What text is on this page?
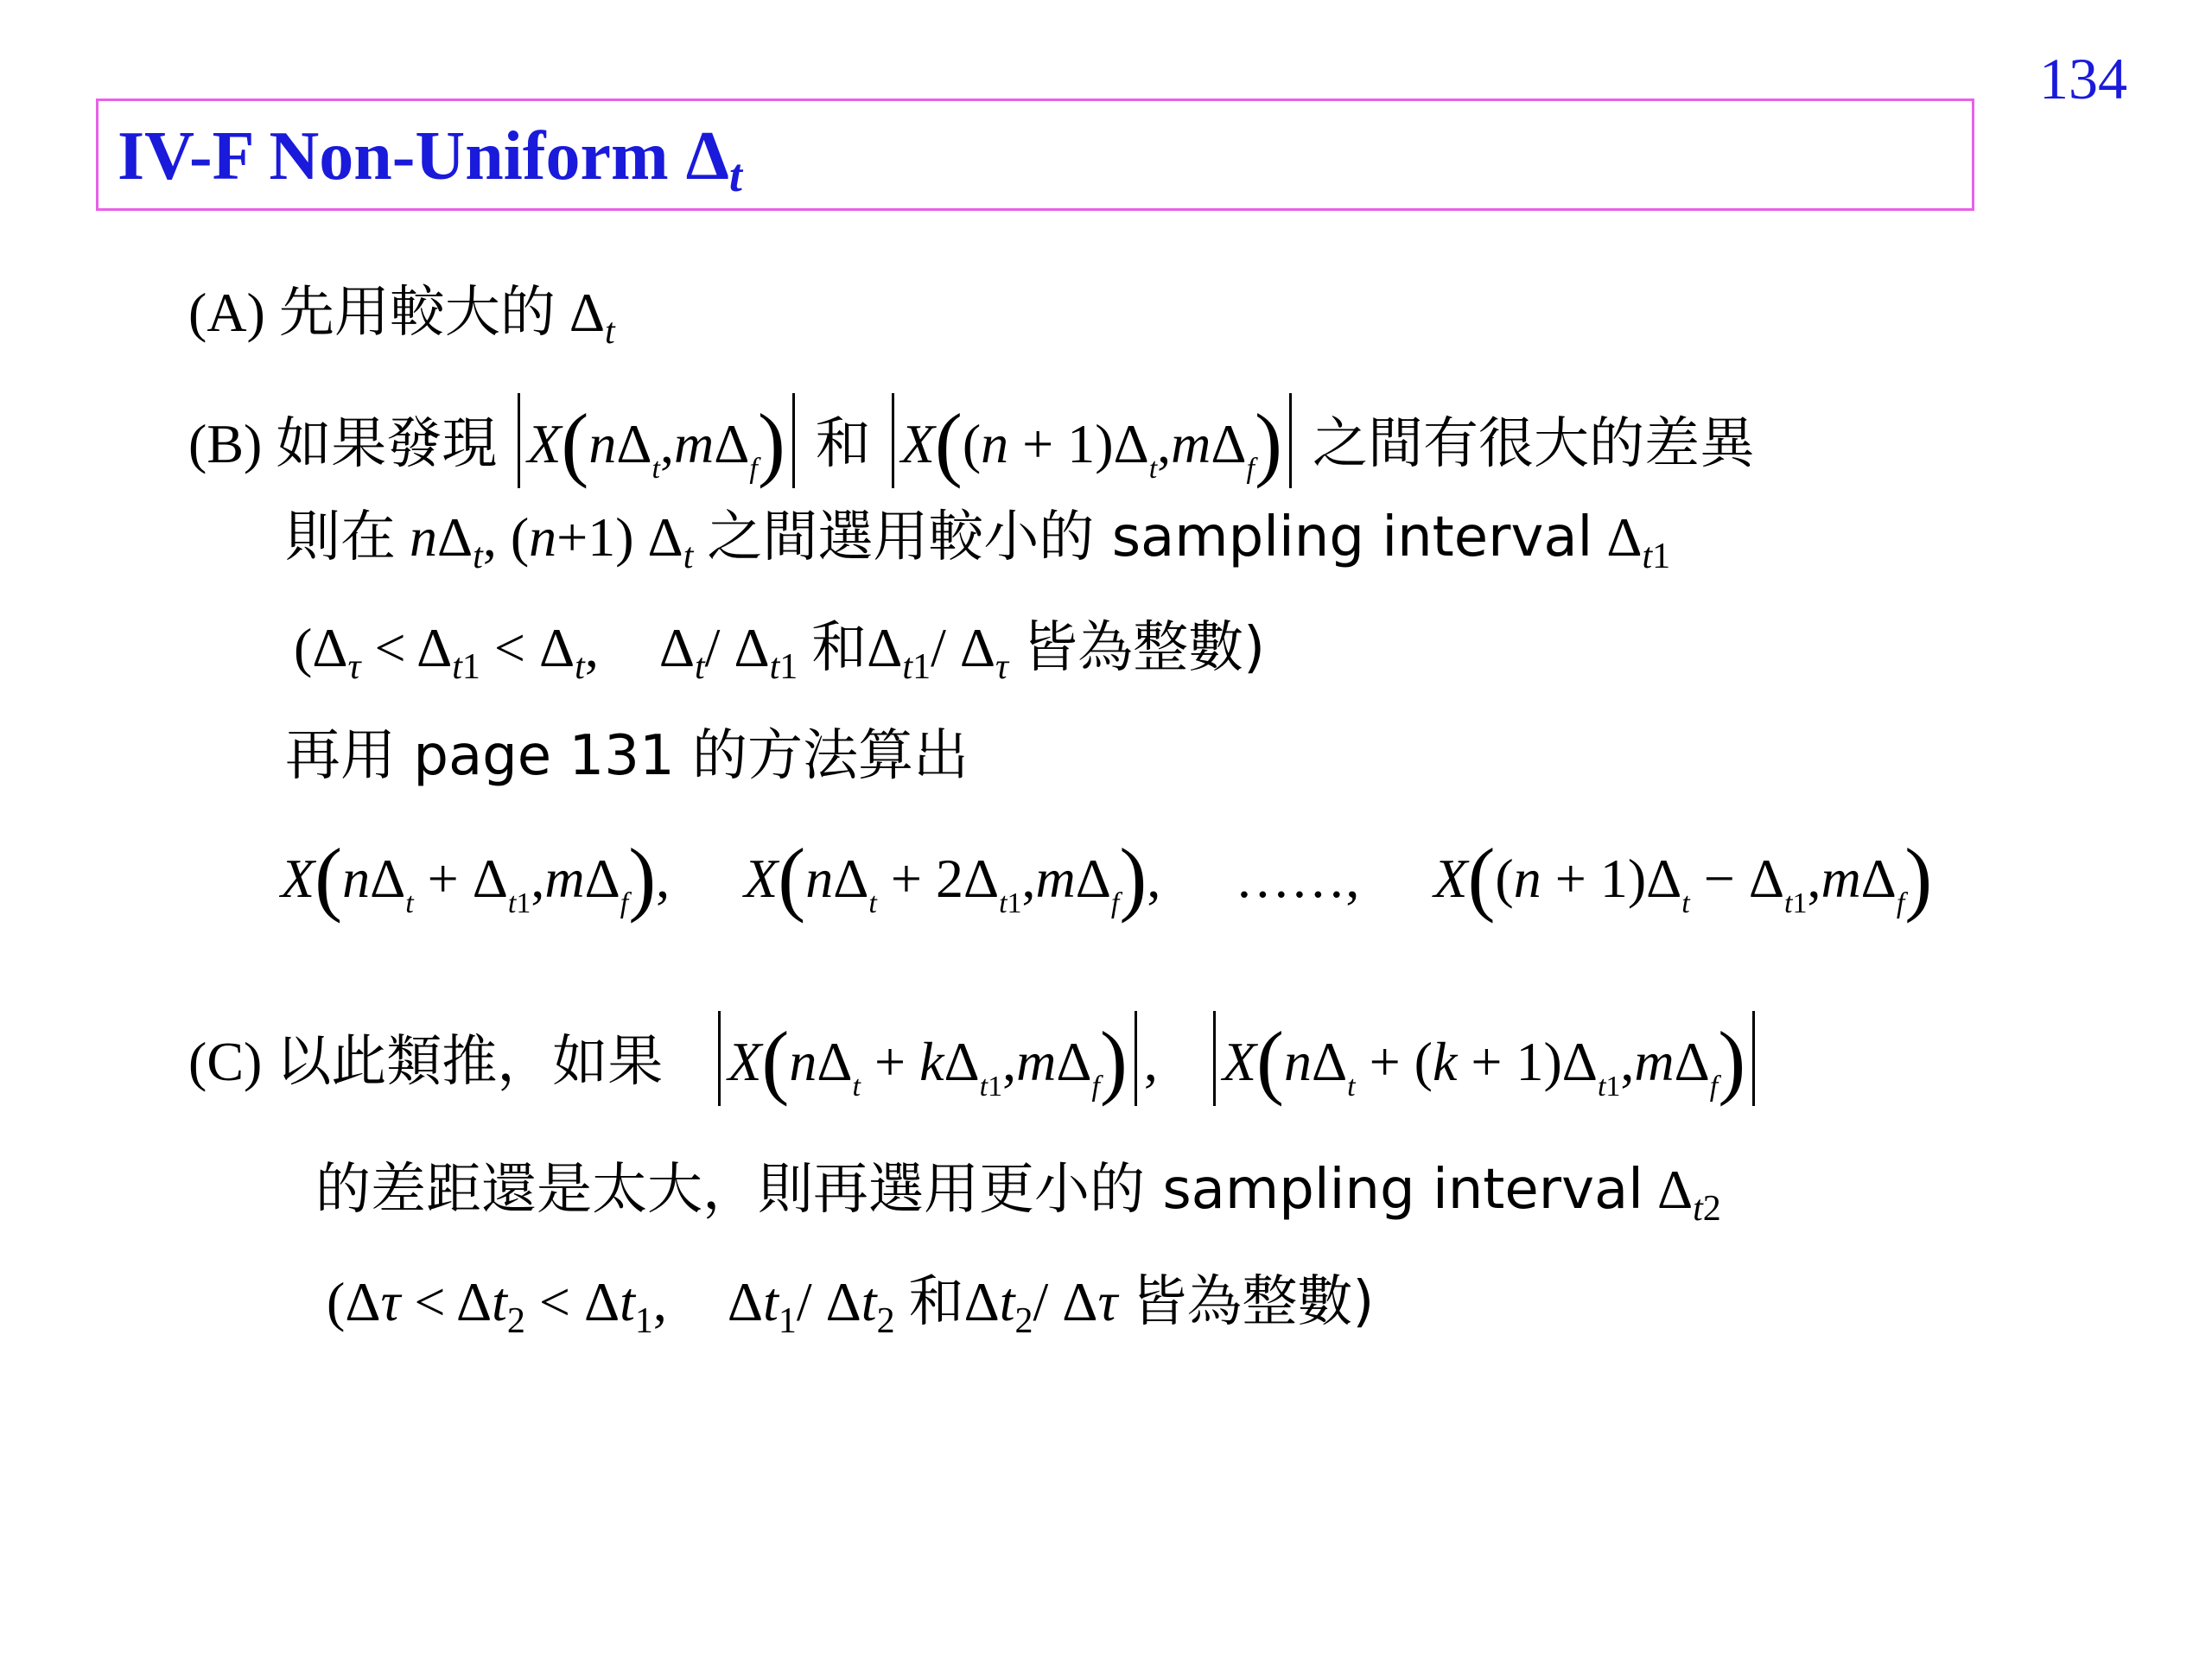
134
IV-F Non-Uniform $\Delta_t$
(A) 先用較大的 $\Delta_t$
(B) 如果發現 $X(n\Delta_t,m\Delta_f)$ 和 $X((n + 1)\Delta_t,m\Delta_f)$ 之間有很大的差異
則在 $n\Delta_t$, (n+1) $\Delta_t$ 之間選用較小的 sampling interval $\Delta_{t1}$
($\Delta_\tau < \Delta_{t1} < \Delta_t$, $\Delta_t/$ $\Delta_{t1}$ 和$\Delta_{t1}/$ $\Delta_\tau$ 皆為整數)
再用 page 131 的方法算出
$X(n\Delta_t + \Delta_{t1},m\Delta_f)$, $X(n\Delta_t + 2\Delta_{t1},m\Delta_f)$, ……, $X((n + 1)\Delta_t - \Delta_{t1},m\Delta_f)$
(C) 以此類推，如果 $X(n\Delta_t + k\Delta_{t1},m\Delta_f)$ , $X(n\Delta_t + (k + 1)\Delta_{t1},m\Delta_f)$
的差距還是太大，則再選用更小的 sampling interval $\Delta_{t2}$
($\Delta\tau < \Delta t_2 < \Delta t_1$, $\Delta t_1/$ $\Delta t_2$ 和$\Delta t_2/$ Δτ 皆為整數)
